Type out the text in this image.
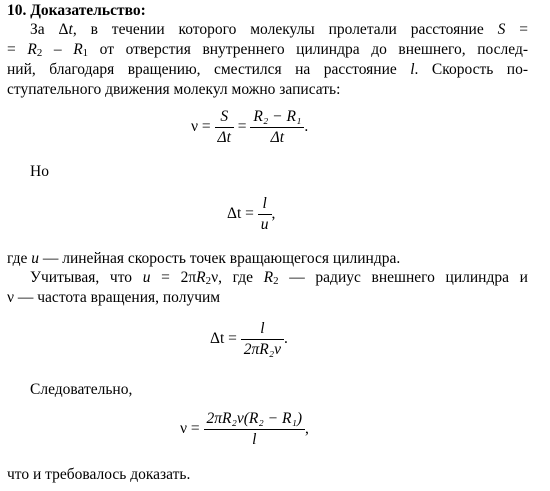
10. Доказательство:
За Δt, в течении которого молекулы пролетали расстояние S =
= $R_2 - R_1$ от отверстия внутреннего цилиндра до внешнего, послед-
ний, благодаря вращению, сместился на расстояние l. Скорость по-
ступательного движения молекул можно записать:
$\nu = \frac{S}{\Delta t} = \frac{\text{R₂ − R₁}}{\Delta t}$ .
Но
$\Delta t = \frac{l}{u}$ ,
где u — линейная скорость точек вращающегося цилиндра.
Учитывая, что $u = 2\pi R_2\nu$, где $R_2$ — радиус внешнего цилиндра и
ν — частота вращения, получим
$\Delta t = \frac{l}{\text{2πR₂ν}}$ .
Следовательно,
$\nu = \frac{\text{2πR₂ν(R₂ − R₁)}}{l}$ ,
что и требовалось доказать.
